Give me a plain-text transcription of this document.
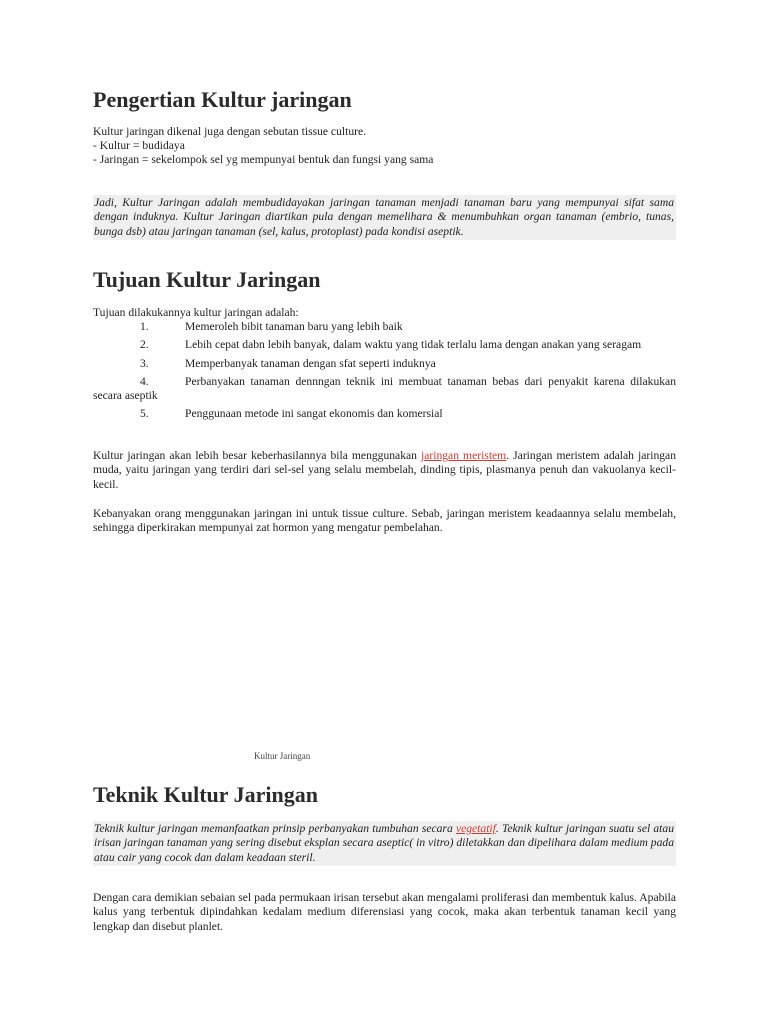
Pengertian Kultur jaringan

Kultur jaringan dikenal juga dengan sebutan tissue culture.

- Kultur = budidaya

- Jaringan = sekelompok sel yg mempunyai bentuk dan fungsi yang sama

Jadi, Kultur Jaringan adalah membudidayakan jaringan tanaman menjadi tanaman baru yang mempunyai sifat sama dengan induknya. Kultur Jaringan diartikan pula dengan memelihara & menumbuhkan organ tanaman (embrio, tunas, bunga dsb) atau jaringan tanaman (sel, kalus, protoplast) pada kondisi aseptik.
Tujuan Kultur Jaringan

Tujuan dilakukannya kultur jaringan adalah:

1.	Memeroleh bibit tanaman baru yang lebih baik
2.	Lebih cepat dabn lebih banyak, dalam waktu yang tidak terlalu lama dengan anakan yang seragam
3.	Memperbanyak tanaman dengan sfat seperti induknya
4.	Perbanyakan tanaman dennngan teknik ini membuat tanaman bebas dari penyakit karena dilakukan secara aseptik
5.	Penggunaan metode ini sangat ekonomis dan komersial

Kultur jaringan akan lebih besar keberhasilannya bila menggunakan jaringan meristem. Jaringan meristem adalah jaringan muda, yaitu jaringan yang terdiri dari sel-sel yang selalu membelah, dinding tipis, plasmanya penuh dan vakuolanya kecil-kecil.

Kebanyakan orang menggunakan jaringan ini untuk tissue culture. Sebab, jaringan meristem keadaannya selalu membelah, sehingga diperkirakan mempunyai zat hormon yang mengatur pembelahan.

Kultur Jaringan
Teknik Kultur Jaringan
Teknik kultur jaringan memanfaatkan prinsip perbanyakan tumbuhan secara vegetatif. Teknik kultur jaringan suatu sel atau irisan jaringan tanaman yang sering disebut eksplan secara aseptic( in vitro) diletakkan dan dipelihara dalam medium pada atau cair yang cocok dan dalam keadaan steril.

Dengan cara demikian sebaian sel pada permukaan irisan tersebut akan mengalami proliferasi dan membentuk kalus. Apabila kalus yang terbentuk dipindahkan kedalam medium diferensiasi yang cocok, maka akan terbentuk tanaman kecil yang lengkap dan disebut planlet.
